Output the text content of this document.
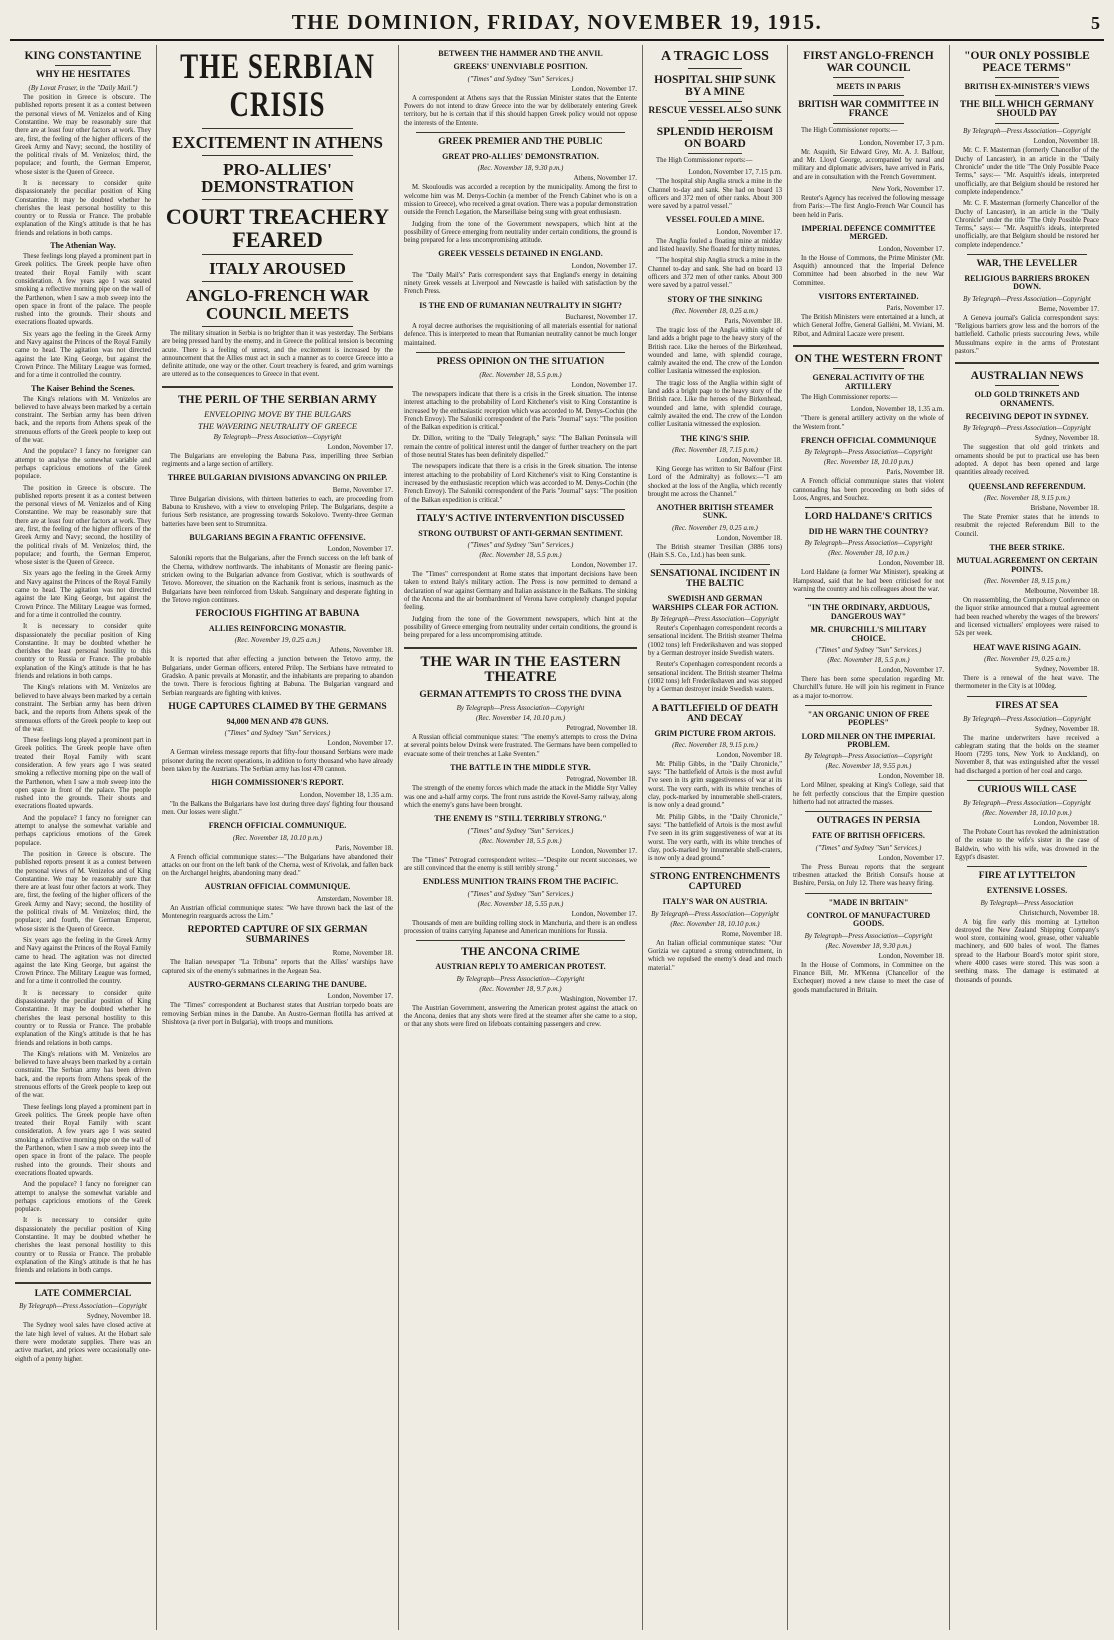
THE DOMINION, FRIDAY, NOVEMBER 19, 1915.	5
KING CONSTANTINE
WHY HE HESITATES
(By Lovat Fraser, in the "Daily Mail.")

The position in Greece is obscure. The published reports present it as a contest between the personal views of M. Venizelos and of King Constantine. We may be reasonably sure that there are at least four other factors at work. They are, first, the feeling of the higher officers of the Greek Army and Navy; second, the hostility of the political rivals of M. Venizelos; third, the populace; and fourth, the German Emperor, whose sister is the Queen of Greece.

It is necessary to consider quite dispassionately the peculiar position of King Constantine. It may be doubted whether he cherishes the least personal hostility to this country or to Russia or France. The probable explanation of the King's attitude is that he has friends and relations in both camps.

The Athenian Way.

These feelings long played a prominent part in Greek politics. The Greek people have often treated their Royal Family with scant consideration. A few years ago I was seated smoking a reflective morning pipe on the wall of the Parthenon, when I saw a mob sweep into the open space in front of the palace. The people rushed into the grounds. Their shouts and execrations floated upwards.

Six years ago the feeling in the Greek Army and Navy against the Princes of the Royal Family came to head. The agitation was not directed against the late King George, but against the Crown Prince. The Military League was formed, and for a time it controlled the country.

The Kaiser Behind the Scenes.

The King's relations with M. Venizelos are believed to have always been marked by a certain constraint. The Serbian army has been driven back, and the reports from Athens speak of the strenuous efforts of the Greek people to keep out of the war.

And the populace? I fancy no foreigner can attempt to analyse the somewhat variable and perhaps capricious emotions of the Greek populace.

The position in Greece is obscure. The published reports present it as a contest between the personal views of M. Venizelos and of King Constantine. We may be reasonably sure that there are at least four other factors at work. They are, first, the feeling of the higher officers of the Greek Army and Navy; second, the hostility of the political rivals of M. Venizelos; third, the populace; and fourth, the German Emperor, whose sister is the Queen of Greece.

Six years ago the feeling in the Greek Army and Navy against the Princes of the Royal Family came to head. The agitation was not directed against the late King George, but against the Crown Prince. The Military League was formed, and for a time it controlled the country.

It is necessary to consider quite dispassionately the peculiar position of King Constantine. It may be doubted whether he cherishes the least personal hostility to this country or to Russia or France. The probable explanation of the King's attitude is that he has friends and relations in both camps.

The King's relations with M. Venizelos are believed to have always been marked by a certain constraint. The Serbian army has been driven back, and the reports from Athens speak of the strenuous efforts of the Greek people to keep out of the war.

These feelings long played a prominent part in Greek politics. The Greek people have often treated their Royal Family with scant consideration. A few years ago I was seated smoking a reflective morning pipe on the wall of the Parthenon, when I saw a mob sweep into the open space in front of the palace. The people rushed into the grounds. Their shouts and execrations floated upwards.

And the populace? I fancy no foreigner can attempt to analyse the somewhat variable and perhaps capricious emotions of the Greek populace.

The position in Greece is obscure. The published reports present it as a contest between the personal views of M. Venizelos and of King Constantine. We may be reasonably sure that there are at least four other factors at work. They are, first, the feeling of the higher officers of the Greek Army and Navy; second, the hostility of the political rivals of M. Venizelos; third, the populace; and fourth, the German Emperor, whose sister is the Queen of Greece.

Six years ago the feeling in the Greek Army and Navy against the Princes of the Royal Family came to head. The agitation was not directed against the late King George, but against the Crown Prince. The Military League was formed, and for a time it controlled the country.

It is necessary to consider quite dispassionately the peculiar position of King Constantine. It may be doubted whether he cherishes the least personal hostility to this country or to Russia or France. The probable explanation of the King's attitude is that he has friends and relations in both camps.

The King's relations with M. Venizelos are believed to have always been marked by a certain constraint. The Serbian army has been driven back, and the reports from Athens speak of the strenuous efforts of the Greek people to keep out of the war.

These feelings long played a prominent part in Greek politics. The Greek people have often treated their Royal Family with scant consideration. A few years ago I was seated smoking a reflective morning pipe on the wall of the Parthenon, when I saw a mob sweep into the open space in front of the palace. The people rushed into the grounds. Their shouts and execrations floated upwards.

And the populace? I fancy no foreigner can attempt to analyse the somewhat variable and perhaps capricious emotions of the Greek populace.

It is necessary to consider quite dispassionately the peculiar position of King Constantine. It may be doubted whether he cherishes the least personal hostility to this country or to Russia or France. The probable explanation of the King's attitude is that he has friends and relations in both camps.

LATE COMMERCIAL
By Telegraph—Press Association—Copyright
Sydney, November 18.

The Sydney wool sales have closed active at the late high level of values. At the Hobart sale there were moderate supplies. There was an active market, and prices were occasionally one-eighth of a penny higher.

THE SERBIAN CRISIS
EXCITEMENT IN ATHENS
PRO-ALLIES' DEMONSTRATION
COURT TREACHERY FEARED
ITALY AROUSED
ANGLO-FRENCH WAR COUNCIL MEETS

The military situation in Serbia is no brighter than it was yesterday. The Serbians are being pressed hard by the enemy, and in Greece the political tension is becoming acute. There is a feeling of unrest, and the excitement is increased by the announcement that the Allies must act in such a manner as to coerce Greece into a definite attitude, one way or the other. Court treachery is feared, and grim warnings are uttered as to the consequences to Greece in that event.

THE PERIL OF THE SERBIAN ARMY
ENVELOPING MOVE BY THE BULGARS
THE WAVERING NEUTRALITY OF GREECE
By Telegraph—Press Association—Copyright
London, November 17.

The Bulgarians are enveloping the Babuna Pass, imperilling three Serbian regiments and a large section of artillery.

THREE BULGARIAN DIVISIONS ADVANCING ON PRILEP.
Berne, November 17.

Three Bulgarian divisions, with thirteen batteries to each, are proceeding from Babuna to Krushevo, with a view to enveloping Prilep. The Bulgarians, despite a furious Serb resistance, are progressing towards Sokolovo. Twenty-three German batteries have been sent to Strumnitza.

BULGARIANS BEGIN A FRANTIC OFFENSIVE.
London, November 17.

Saloniki reports that the Bulgarians, after the French success on the left bank of the Cherna, withdrew northwards. The inhabitants of Monastir are fleeing panic-stricken owing to the Bulgarian advance from Gostivar, which is southwards of Tetovo. Moreover, the situation on the Kachanik front is serious, inasmuch as the Bulgarians have been reinforced from Uskub. Sanguinary and desperate fighting in the Tetovo region continues.

FEROCIOUS FIGHTING AT BABUNA
ALLIES REINFORCING MONASTIR.
(Rec. November 19, 0.25 a.m.)
Athens, November 18.

It is reported that after effecting a junction between the Tetovo army, the Bulgarians, under German officers, entered Prilep. The Serbians have retreated to Gradsko. A panic prevails at Monastir, and the inhabitants are preparing to abandon the town. There is ferocious fighting at Babuna. The Bulgarian vanguard and Serbian rearguards are fighting with knives.

HUGE CAPTURES CLAIMED BY THE GERMANS
94,000 MEN AND 478 GUNS.
("Times" and Sydney "Sun" Services.)
London, November 17.

A German wireless message reports that fifty-four thousand Serbians were made prisoner during the recent operations, in addition to forty thousand who have already been taken by the Austrians. The Serbian army has lost 478 cannon.

HIGH COMMISSIONER'S REPORT.
London, November 18, 1.35 a.m.

"In the Balkans the Bulgarians have lost during three days' fighting four thousand men. Our losses were slight."

FRENCH OFFICIAL COMMUNIQUE.
(Rec. November 18, 10.10 p.m.)
Paris, November 18.

A French official communique states:—"The Bulgarians have abandoned their attacks on our front on the left bank of the Cherna, west of Krivolak, and fallen back on the Archangel heights, abandoning many dead."

AUSTRIAN OFFICIAL COMMUNIQUE.
Amsterdam, November 18.

An Austrian official communique states: "We have thrown back the last of the Montenegrin rearguards across the Lim."

REPORTED CAPTURE OF SIX GERMAN SUBMARINES
Rome, November 18.

The Italian newspaper "La Tribuna" reports that the Allies' warships have captured six of the enemy's submarines in the Aegean Sea.

AUSTRO-GERMANS CLEARING THE DANUBE.
London, November 17.

The "Times" correspondent at Bucharest states that Austrian torpedo boats are removing Serbian mines in the Danube. An Austro-German flotilla has arrived at Shishtova (a river port in Bulgaria), with troops and munitions.

BETWEEN THE HAMMER AND THE ANVIL
GREEKS' UNENVIABLE POSITION.
("Times" and Sydney "Sun" Services.)
London, November 17.

A correspondent at Athens says that the Russian Minister states that the Entente Powers do not intend to draw Greece into the war by deliberately entering Greek territory, but he is certain that if this should happen Greek policy would not oppose the interests of the Entente.

GREEK PREMIER AND THE PUBLIC
GREAT PRO-ALLIES' DEMONSTRATION.
(Rec. November 18, 9.30 p.m.)
Athens, November 17.

M. Skouloudis was accorded a reception by the municipality. Among the first to welcome him was M. Denys-Cochin (a member of the French Cabinet who is on a mission to Greece), who received a great ovation. There was a popular demonstration outside the French Legation, the Marseillaise being sung with great enthusiasm.

Judging from the tone of the Government newspapers, which hint at the possibility of Greece emerging from neutrality under certain conditions, the ground is being prepared for a less uncompromising attitude.

GREEK VESSELS DETAINED IN ENGLAND.
London, November 17.

The "Daily Mail's" Paris correspondent says that England's energy in detaining ninety Greek vessels at Liverpool and Newcastle is hailed with satisfaction by the French Press.

IS THE END OF RUMANIAN NEUTRALITY IN SIGHT?
Bucharest, November 17.

A royal decree authorises the requisitioning of all materials essential for national defence. This is interpreted to mean that Rumanian neutrality cannot be much longer maintained.

PRESS OPINION ON THE SITUATION
(Rec. November 18, 5.5 p.m.)
London, November 17.

The newspapers indicate that there is a crisis in the Greek situation. The intense interest attaching to the probability of Lord Kitchener's visit to King Constantine is increased by the enthusiastic reception which was accorded to M. Denys-Cochin (the French Envoy). The Saloniki correspondent of the Paris "Journal" says: "The position of the Balkan expedition is critical."

Dr. Dillon, writing to the "Daily Telegraph," says: "The Balkan Peninsula will remain the centre of political interest until the danger of further treachery on the part of those neutral States has been definitely dispelled."

The newspapers indicate that there is a crisis in the Greek situation. The intense interest attaching to the probability of Lord Kitchener's visit to King Constantine is increased by the enthusiastic reception which was accorded to M. Denys-Cochin (the French Envoy). The Saloniki correspondent of the Paris "Journal" says: "The position of the Balkan expedition is critical."

ITALY'S ACTIVE INTERVENTION DISCUSSED
STRONG OUTBURST OF ANTI-GERMAN SENTIMENT.
("Times" and Sydney "Sun" Services.)
(Rec. November 18, 5.5 p.m.)
London, November 17.

The "Times" correspondent at Rome states that important decisions have been taken to extend Italy's military action. The Press is now permitted to demand a declaration of war against Germany and Italian assistance in the Balkans. The sinking of the Ancona and the air bombardment of Verona have completely changed popular feeling.

Judging from the tone of the Government newspapers, which hint at the possibility of Greece emerging from neutrality under certain conditions, the ground is being prepared for a less uncompromising attitude.

THE WAR IN THE EASTERN THEATRE
GERMAN ATTEMPTS TO CROSS THE DVINA
By Telegraph—Press Association—Copyright
(Rec. November 14, 10.10 p.m.)
Petrograd, November 18.

A Russian official communique states: "The enemy's attempts to cross the Dvina at several points below Dvinsk were frustrated. The Germans have been compelled to evacuate some of their trenches at Lake Sventen."

THE BATTLE IN THE MIDDLE STYR.
Petrograd, November 18.

The strength of the enemy forces which made the attack in the Middle Styr Valley was one and a-half army corps. The front runs astride the Kovel-Sarny railway, along which the enemy's guns have been brought.

THE ENEMY IS "STILL TERRIBLY STRONG."
("Times" and Sydney "Sun" Services.)
(Rec. November 18, 5.5 p.m.)
London, November 17.

The "Times" Petrograd correspondent writes:—"Despite our recent successes, we are still convinced that the enemy is still terribly strong."

ENDLESS MUNITION TRAINS FROM THE PACIFIC.
("Times" and Sydney "Sun" Services.)
(Rec. November 18, 5.55 p.m.)
London, November 17.

Thousands of men are building rolling stock in Manchuria, and there is an endless procession of trains carrying Japanese and American munitions for Russia.

THE ANCONA CRIME
AUSTRIAN REPLY TO AMERICAN PROTEST.
By Telegraph—Press Association—Copyright
(Rec. November 18, 9.7 p.m.)
Washington, November 17.

The Austrian Government, answering the American protest against the attack on the Ancona, denies that any shots were fired at the steamer after she came to a stop, or that any shots were fired on lifeboats containing passengers and crew.

A TRAGIC LOSS
HOSPITAL SHIP SUNK BY A MINE
RESCUE VESSEL ALSO SUNK
SPLENDID HEROISM ON BOARD

The High Commissioner reports:—

London, November 17, 7.15 p.m.

"The hospital ship Anglia struck a mine in the Channel to-day and sank. She had on board 13 officers and 372 men of other ranks. About 300 were saved by a patrol vessel."

VESSEL FOULED A MINE.
London, November 17.

The Anglia fouled a floating mine at midday and listed heavily. She floated for thirty minutes.

"The hospital ship Anglia struck a mine in the Channel to-day and sank. She had on board 13 officers and 372 men of other ranks. About 300 were saved by a patrol vessel."

STORY OF THE SINKING
(Rec. November 18, 0.25 a.m.)
Paris, November 18.

The tragic loss of the Anglia within sight of land adds a bright page to the heavy story of the British race. Like the heroes of the Birkenhead, wounded and lame, with splendid courage, calmly awaited the end. The crew of the London collier Lusitania witnessed the explosion.

The tragic loss of the Anglia within sight of land adds a bright page to the heavy story of the British race. Like the heroes of the Birkenhead, wounded and lame, with splendid courage, calmly awaited the end. The crew of the London collier Lusitania witnessed the explosion.

THE KING'S SHIP.
(Rec. November 18, 7.15 p.m.)
London, November 18.

King George has written to Sir Balfour (First Lord of the Admiralty) as follows:—"I am shocked at the loss of the Anglia, which recently brought me across the Channel."

ANOTHER BRITISH STEAMER SUNK.
(Rec. November 19, 0.25 a.m.)
London, November 18.

The British steamer Tresilian (3886 tons) (Hain S.S. Co., Ltd.) has been sunk.

SENSATIONAL INCIDENT IN THE BALTIC
SWEDISH AND GERMAN WARSHIPS CLEAR FOR ACTION.
By Telegraph—Press Association—Copyright

Reuter's Copenhagen correspondent records a sensational incident. The British steamer Thelma (1002 tons) left Frederikshaven and was stopped by a German destroyer inside Swedish waters.

Reuter's Copenhagen correspondent records a sensational incident. The British steamer Thelma (1002 tons) left Frederikshaven and was stopped by a German destroyer inside Swedish waters.

A BATTLEFIELD OF DEATH AND DECAY
GRIM PICTURE FROM ARTOIS.
(Rec. November 18, 9.15 p.m.)
London, November 18.

Mr. Philip Gibbs, in the "Daily Chronicle," says: "The battlefield of Artois is the most awful I've seen in its grim suggestiveness of war at its worst. The very earth, with its white trenches of clay, pock-marked by innumerable shell-craters, is now only a dead ground."

Mr. Philip Gibbs, in the "Daily Chronicle," says: "The battlefield of Artois is the most awful I've seen in its grim suggestiveness of war at its worst. The very earth, with its white trenches of clay, pock-marked by innumerable shell-craters, is now only a dead ground."

STRONG ENTRENCHMENTS CAPTURED
ITALY'S WAR ON AUSTRIA.
By Telegraph—Press Association—Copyright
(Rec. November 18, 10.10 p.m.)
Rome, November 18.

An Italian official communique states: "Our Gorizia we captured a strong entrenchment, in which we repulsed the enemy's dead and much material."

FIRST ANGLO-FRENCH WAR COUNCIL
MEETS IN PARIS
BRITISH WAR COMMITTEE IN FRANCE

The High Commissioner reports:—

London, November 17, 3 p.m.

Mr. Asquith, Sir Edward Grey, Mr. A. J. Balfour, and Mr. Lloyd George, accompanied by naval and military and diplomatic advisers, have arrived in Paris, and are in consultation with the French Government.

New York, November 17.

Reuter's Agency has received the following message from Paris:—The first Anglo-French War Council has been held in Paris.

IMPERIAL DEFENCE COMMITTEE MERGED.
London, November 17.

In the House of Commons, the Prime Minister (Mr. Asquith) announced that the Imperial Defence Committee had been absorbed in the new War Committee.

VISITORS ENTERTAINED.
Paris, November 17.

The British Ministers were entertained at a lunch, at which General Joffre, General Galliéni, M. Viviani, M. Ribot, and Admiral Lacaze were present.

ON THE WESTERN FRONT
GENERAL ACTIVITY OF THE ARTILLERY

The High Commissioner reports:—

London, November 18, 1.35 a.m.

"There is general artillery activity on the whole of the Western front."

FRENCH OFFICIAL COMMUNIQUE
By Telegraph—Press Association—Copyright
(Rec. November 18, 10.10 p.m.)
Paris, November 18.

A French official communique states that violent cannonading has been proceeding on both sides of Loos, Angres, and Souchez.

LORD HALDANE'S CRITICS
DID HE WARN THE COUNTRY?
By Telegraph—Press Association—Copyright
(Rec. November 18, 10 p.m.)
London, November 18.

Lord Haldane (a former War Minister), speaking at Hampstead, said that he had been criticised for not warning the country and his colleagues about the war.

"IN THE ORDINARY, ARDUOUS, DANGEROUS WAY"
MR. CHURCHILL'S MILITARY CHOICE.
("Times" and Sydney "Sun" Services.)
(Rec. November 18, 5.5 p.m.)
London, November 17.

There has been some speculation regarding Mr. Churchill's future. He will join his regiment in France as a major to-morrow.

"AN ORGANIC UNION OF FREE PEOPLES"
LORD MILNER ON THE IMPERIAL PROBLEM.
By Telegraph—Press Association—Copyright
(Rec. November 18, 9.55 p.m.)
London, November 18.

Lord Milner, speaking at King's College, said that he felt perfectly conscious that the Empire question hitherto had not attracted the masses.

OUTRAGES IN PERSIA
FATE OF BRITISH OFFICERS.
("Times" and Sydney "Sun" Services.)
London, November 17.

The Press Bureau reports that the sergeant tribesmen attacked the British Consul's house at Bushire, Persia, on July 12. There was heavy firing.

"MADE IN BRITAIN"
CONTROL OF MANUFACTURED GOODS.
By Telegraph—Press Association—Copyright
(Rec. November 18, 9.30 p.m.)
London, November 18.

In the House of Commons, in Committee on the Finance Bill, Mr. M'Kenna (Chancellor of the Exchequer) moved a new clause to meet the case of goods manufactured in Britain.

"OUR ONLY POSSIBLE PEACE TERMS"
BRITISH EX-MINISTER'S VIEWS
THE BILL WHICH GERMANY SHOULD PAY
By Telegraph—Press Association—Copyright
London, November 18.

Mr. C. F. Masterman (formerly Chancellor of the Duchy of Lancaster), in an article in the "Daily Chronicle" under the title "The Only Possible Peace Terms," says:— "Mr. Asquith's ideals, interpreted unofficially, are that Belgium should be restored her complete independence."

Mr. C. F. Masterman (formerly Chancellor of the Duchy of Lancaster), in an article in the "Daily Chronicle" under the title "The Only Possible Peace Terms," says:— "Mr. Asquith's ideals, interpreted unofficially, are that Belgium should be restored her complete independence."

WAR, THE LEVELLER
RELIGIOUS BARRIERS BROKEN DOWN.
By Telegraph—Press Association—Copyright
Berne, November 17.

A Geneva journal's Galicia correspondent says: "Religious barriers grow less and the horrors of the battlefield. Catholic priests succouring Jews, while Mussulmans expire in the arms of Protestant pastors."

AUSTRALIAN NEWS
OLD GOLD TRINKETS AND ORNAMENTS.
RECEIVING DEPOT IN SYDNEY.
By Telegraph—Press Association—Copyright
Sydney, November 18.

The suggestion that old gold trinkets and ornaments should be put to practical use has been adopted. A depot has been opened and large quantities already received.

QUEENSLAND REFERENDUM.
(Rec. November 18, 9.15 p.m.)
Brisbane, November 18.

The State Premier states that he intends to resubmit the rejected Referendum Bill to the Council.

THE BEER STRIKE.
MUTUAL AGREEMENT ON CERTAIN POINTS.
(Rec. November 18, 9.15 p.m.)
Melbourne, November 18.

On reassembling, the Compulsory Conference on the liquor strike announced that a mutual agreement had been reached whereby the wages of the brewers' and licensed victuallers' employees were raised to 52s per week.

HEAT WAVE RISING AGAIN.
(Rec. November 19, 0.25 a.m.)
Sydney, November 18.

There is a renewal of the heat wave. The thermometer in the City is at 100deg.

FIRES AT SEA
By Telegraph—Press Association—Copyright
Sydney, November 18.

The marine underwriters have received a cablegram stating that the holds on the steamer Hoorn (7295 tons, New York to Auckland), on November 8, that was extinguished after the vessel had discharged a portion of her coal and cargo.

CURIOUS WILL CASE
By Telegraph—Press Association—Copyright
(Rec. November 18, 10.10 p.m.)
London, November 18.

The Probate Court has revoked the administration of the estate to the wife's sister in the case of Baldwin, who with his wife, was drowned in the Egypt's disaster.

FIRE AT LYTTELTON
EXTENSIVE LOSSES.
By Telegraph—Press Association
Christchurch, November 18.

A big fire early this morning at Lyttelton destroyed the New Zealand Shipping Company's wool store, containing wool, grease, other valuable machinery, and 600 bales of wool. The flames spread to the Harbour Board's motor spirit store, where 4000 cases were stored. This was soon a seething mass. The damage is estimated at thousands of pounds.
